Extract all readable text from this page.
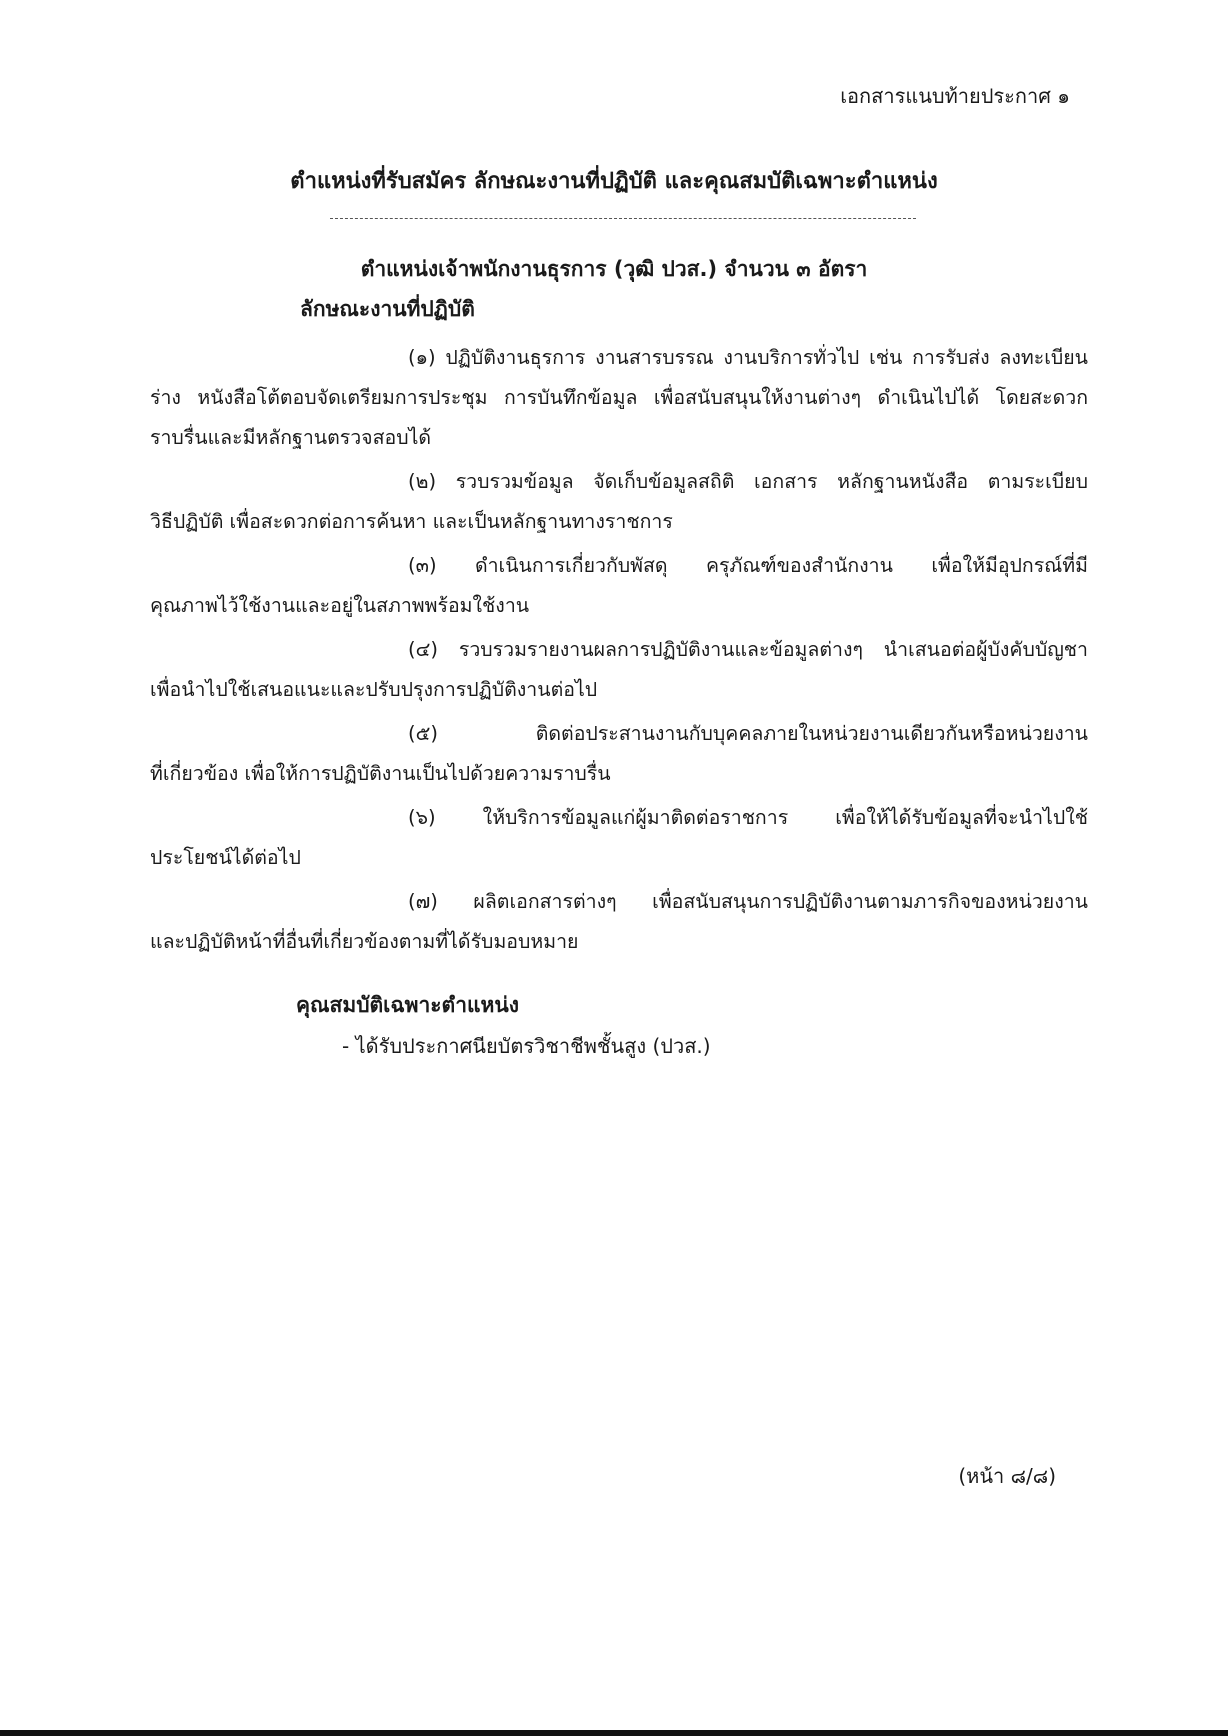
เอกสารแนบท้ายประกาศ ๑
ตำแหน่งที่รับสมัคร ลักษณะงานที่ปฏิบัติ และคุณสมบัติเฉพาะตำแหน่ง
ตำแหน่งเจ้าพนักงานธุรการ (วุฒิ ปวส.) จำนวน ๓ อัตรา
ลักษณะงานที่ปฏิบัติ

(๑) ปฏิบัติงานธุรการ งานสารบรรณ งานบริการทั่วไป เช่น การรับส่ง ลงทะเบียน
ร่าง หนังสือโต้ตอบจัดเตรียมการประชุม การบันทึกข้อมูล เพื่อสนับสนุนให้งานต่างๆ ดำเนินไปได้ โดยสะดวก
ราบรื่นและมีหลักฐานตรวจสอบได้

(๒) รวบรวมข้อมูล จัดเก็บข้อมูลสถิติ เอกสาร หลักฐานหนังสือ ตามระเบียบ
วิธีปฏิบัติ เพื่อสะดวกต่อการค้นหา และเป็นหลักฐานทางราชการ

(๓) ดำเนินการเกี่ยวกับพัสดุ ครุภัณฑ์ของสำนักงาน เพื่อให้มีอุปกรณ์ที่มี
คุณภาพไว้ใช้งานและอยู่ในสภาพพร้อมใช้งาน

(๔) รวบรวมรายงานผลการปฏิบัติงานและข้อมูลต่างๆ นำเสนอต่อผู้บังคับบัญชา
เพื่อนำไปใช้เสนอแนะและปรับปรุงการปฏิบัติงานต่อไป

(๕) ติดต่อประสานงานกับบุคคลภายในหน่วยงานเดียวกันหรือหน่วยงาน
ที่เกี่ยวข้อง เพื่อให้การปฏิบัติงานเป็นไปด้วยความราบรื่น

(๖) ให้บริการข้อมูลแก่ผู้มาติดต่อราชการ เพื่อให้ได้รับข้อมูลที่จะนำไปใช้
ประโยชน์ได้ต่อไป

(๗) ผลิตเอกสารต่างๆ เพื่อสนับสนุนการปฏิบัติงานตามภารกิจของหน่วยงาน
และปฏิบัติหน้าที่อื่นที่เกี่ยวข้องตามที่ได้รับมอบหมาย

คุณสมบัติเฉพาะตำแหน่ง
- ได้รับประกาศนียบัตรวิชาชีพชั้นสูง (ปวส.)
(หน้า ๘/๘)
